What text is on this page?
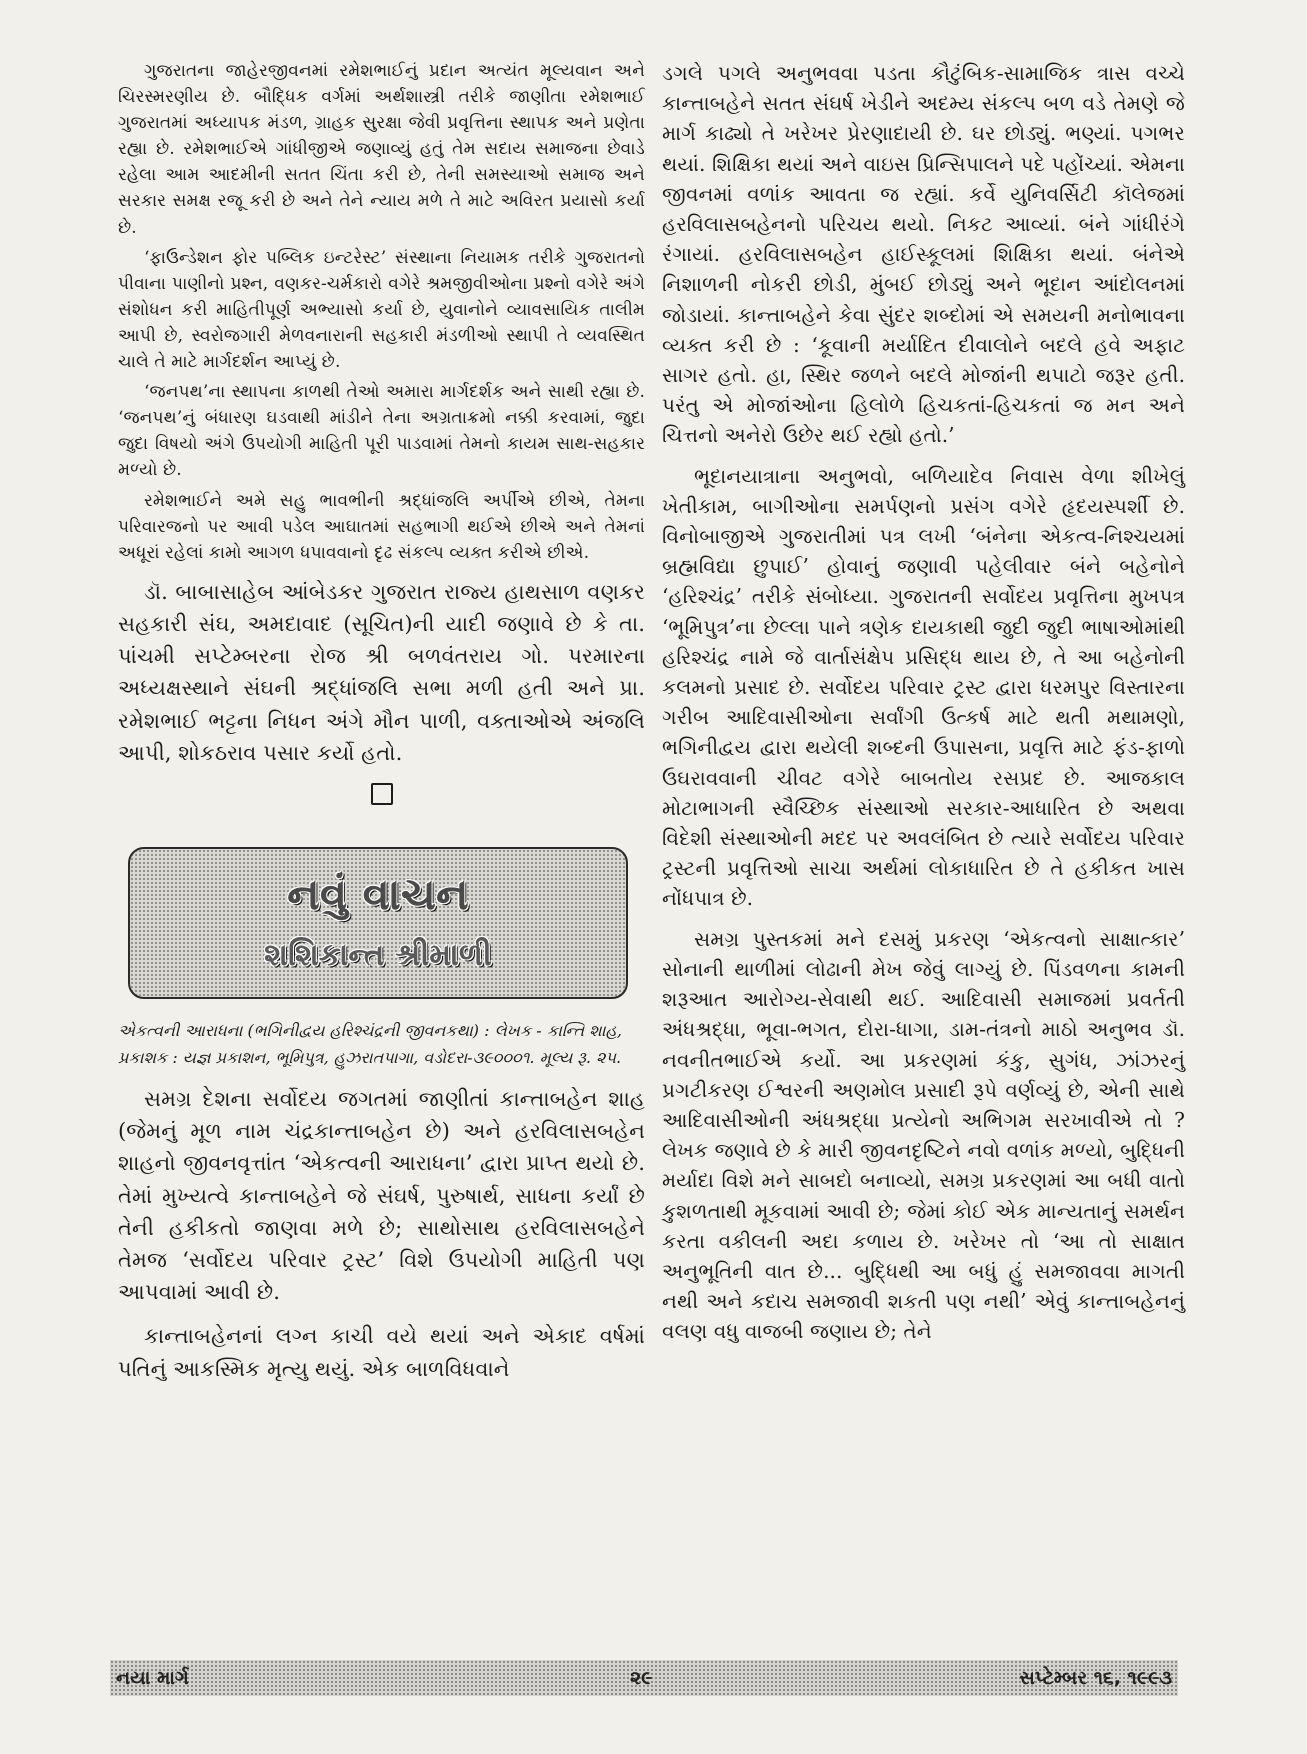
ગુજરાતના જાહેરજીવનમાં રમેશભાઈનું પ્રદાન અત્યંત મૂલ્યવાન અને ચિરસ્મરણીય છે. બૌદ્ધિક વર્ગમાં અર્થશાસ્ત્રી તરીકે જાણીતા રમેશભાઈ ગુજરાતમાં અધ્યાપક મંડળ, ગ્રાહક સુરક્ષા જેવી પ્રવૃત્તિના સ્થાપક અને પ્રણેતા રહ્યા છે. રમેશભાઈએ ગાંધીજીએ જણાવ્યું હતું તેમ સદાય સમાજના છેવાડે રહેલા આમ આદમીની સતત ચિંતા કરી છે, તેની સમસ્યાઓ સમાજ અને સરકાર સમક્ષ રજૂ કરી છે અને તેને ન્યાય મળે તે માટે અવિરત પ્રયાસો કર્યા છે.

‘ફાઉન્ડેશન ફોર પબ્લિક ઇન્ટરેસ્ટ’ સંસ્થાના નિયામક તરીકે ગુજરાતનો પીવાના પાણીનો પ્રશ્ન, વણકર-ચર્મકારો વગેરે શ્રમજીવીઓના પ્રશ્નો વગેરે અંગે સંશોધન કરી માહિતીપૂર્ણ અભ્યાસો કર્યા છે, યુવાનોને વ્યાવસાયિક તાલીમ આપી છે, સ્વરોજગારી મેળવનારાની સહકારી મંડળીઓ સ્થાપી તે વ્યવસ્થિત ચાલે તે માટે માર્ગદર્શન આપ્યું છે.

‘જનપથ’ના સ્થાપના કાળથી તેઓ અમારા માર્ગદર્શક અને સાથી રહ્યા છે. ‘જનપથ’નું બંધારણ ઘડવાથી માંડીને તેના અગ્રતાક્રમો નક્કી કરવામાં, જુદા જુદા વિષયો અંગે ઉપયોગી માહિતી પૂરી પાડવામાં તેમનો કાયમ સાથ-સહકાર મળ્યો છે.

રમેશભાઈને અમે સહુ ભાવભીની શ્રદ્ધાંજલિ અર્પીએ છીએ, તેમના પરિવારજનો પર આવી પડેલ આઘાતમાં સહભાગી થઈએ છીએ અને તેમનાં અધૂરાં રહેલાં કામો આગળ ધપાવવાનો દૃઢ સંકલ્પ વ્યક્ત કરીએ છીએ.

ડૉ. બાબાસાહેબ આંબેડકર ગુજરાત રાજ્ય હાથસાળ વણકર સહકારી સંઘ, અમદાવાદ (સૂચિત)ની યાદી જણાવે છે કે તા. પાંચમી સપ્ટેમ્બરના રોજ શ્રી બળવંતરાય ગો. પરમારના અધ્યક્ષસ્થાને સંઘની શ્રદ્ધાંજલિ સભા મળી હતી અને પ્રા. રમેશભાઈ ભટ્ટના નિધન અંગે મૌન પાળી, વક્તાઓએ અંજલિ આપી, શોકઠરાવ પસાર કર્યો હતો.

નવું વાચન
શશિકાન્ત શ્રીમાળી

એકત્વની આરાધના (ભગિનીદ્વય હરિશ્ચંદ્રની જીવનકથા) : લેખક - કાન્તિ શાહ, પ્રકાશક : યજ્ઞ પ્રકાશન, ભૂમિપુત્ર, હુઝરાતપાગા, વડોદરા-૩૯૦૦૦૧. મૂલ્ય રૂ. ૨૫.

સમગ્ર દેશના સર્વોદય જગતમાં જાણીતાં કાન્તાબહેન શાહ (જેમનું મૂળ નામ ચંદ્રકાન્તાબહેન છે) અને હરવિલાસબહેન શાહનો જીવનવૃત્તાંત ‘એકત્વની આરાધના’ દ્વારા પ્રાપ્ત થયો છે. તેમાં મુખ્યત્વે કાન્તાબહેને જે સંઘર્ષ, પુરુષાર્થ, સાધના કર્યાં છે તેની હકીકતો જાણવા મળે છે; સાથોસાથ હરવિલાસબહેને તેમજ ‘સર્વોદય પરિવાર ટ્રસ્ટ’ વિશે ઉપયોગી માહિતી પણ આપવામાં આવી છે.

કાન્તાબહેનનાં લગ્ન કાચી વયે થયાં અને એકાદ વર્ષમાં પતિનું આકસ્મિક મૃત્યુ થયું. એક બાળવિધવાને

ડગલે પગલે અનુભવવા પડતા કૌટુંબિક-સામાજિક ત્રાસ વચ્ચે કાન્તાબહેને સતત સંઘર્ષ ખેડીને અદમ્ય સંકલ્પ બળ વડે તેમણે જે માર્ગ કાઢ્યો તે ખરેખર પ્રેરણાદાયી છે. ઘર છોડ્યું. ભણ્યાં. પગભર થયાં. શિક્ષિકા થયાં અને વાઇસ પ્રિન્સિપાલને પદે પહોંચ્યાં. એમના જીવનમાં વળાંક આવતા જ રહ્યાં. કર્વે યુનિવર્સિટી કૉલેજમાં હરવિલાસબહેનનો પરિચય થયો. નિકટ આવ્યાં. બંને ગાંધીરંગે રંગાયાં. હરવિલાસબહેન હાઈસ્કૂલમાં શિક્ષિકા થયાં. બંનેએ નિશાળની નોકરી છોડી, મુંબઈ છોડ્યું અને ભૂદાન આંદોલનમાં જોડાયાં. કાન્તાબહેને કેવા સુંદર શબ્દોમાં એ સમયની મનોભાવના વ્યક્ત કરી છે : ‘કૂવાની મર્યાદિત દીવાલોને બદલે હવે અફાટ સાગર હતો. હા, સ્થિર જળને બદલે મોજાંની થપાટો જરૂર હતી. પરંતુ એ મોજાંઓના હિલોળે હિચકતાં-હિચકતાં જ મન અને ચિત્તનો અનેરો ઉછેર થઈ રહ્યો હતો.’

ભૂદાનયાત્રાના અનુભવો, બળિયાદેવ નિવાસ વેળા શીખેલું ખેતીકામ, બાગીઓના સમર્પણનો પ્રસંગ વગેરે હૃદયસ્પર્શી છે. વિનોબાજીએ ગુજરાતીમાં પત્ર લખી ‘બંનેના એકત્વ-નિશ્ચયમાં બ્રહ્મવિદ્યા છુપાઈ’ હોવાનું જણાવી પહેલીવાર બંને બહેનોને ‘હરિશ્ચંદ્ર’ તરીકે સંબોધ્યા. ગુજરાતની સર્વોદય પ્રવૃત્તિના મુખપત્ર ‘ભૂમિપુત્ર’ના છેલ્લા પાને ત્રણેક દાયકાથી જુદી જુદી ભાષાઓમાંથી હરિશ્ચંદ્ર નામે જે વાર્તાસંક્ષેપ પ્રસિદ્ધ થાય છે, તે આ બહેનોની કલમનો પ્રસાદ છે. સર્વોદય પરિવાર ટ્રસ્ટ દ્વારા ધરમપુર વિસ્તારના ગરીબ આદિવાસીઓના સર્વાંગી ઉત્કર્ષ માટે થતી મથામણો, ભગિનીદ્વય દ્વારા થયેલી શબ્દની ઉપાસના, પ્રવૃત્તિ માટે ફંડ-ફાળો ઉઘરાવવાની ચીવટ વગેરે બાબતોય રસપ્રદ છે. આજકાલ મોટાભાગની સ્વૈચ્છિક સંસ્થાઓ સરકાર-આધારિત છે અથવા વિદેશી સંસ્થાઓની મદદ પર અવલંબિત છે ત્યારે સર્વોદય પરિવાર ટ્રસ્ટની પ્રવૃત્તિઓ સાચા અર્થમાં લોકાધારિત છે તે હકીકત ખાસ નોંધપાત્ર છે.

સમગ્ર પુસ્તકમાં મને દસમું પ્રકરણ ‘એકત્વનો સાક્ષાત્કાર’ સોનાની થાળીમાં લોઢાની મેખ જેવું લાગ્યું છે. પિંડવળના કામની શરૂઆત આરોગ્ય-સેવાથી થઈ. આદિવાસી સમાજમાં પ્રવર્તતી અંધશ્રદ્ધા, ભૂવા-ભગત, દોરા-ધાગા, ડામ-તંત્રનો માઠો અનુભવ ડૉ. નવનીતભાઈએ કર્યો. આ પ્રકરણમાં કંકુ, સુગંધ, ઝાંઝરનું પ્રગટીકરણ ઈશ્વરની અણમોલ પ્રસાદી રૂપે વર્ણવ્યું છે, એની સાથે આદિવાસીઓની અંધશ્રદ્ધા પ્રત્યેનો અભિગમ સરખાવીએ તો ? લેખક જણાવે છે કે મારી જીવનદૃષ્ટિને નવો વળાંક મળ્યો, બુદ્ધિની મર્યાદા વિશે મને સાબદો બનાવ્યો, સમગ્ર પ્રકરણમાં આ બધી વાતો કુશળતાથી મૂકવામાં આવી છે; જેમાં કોઈ એક માન્યતાનું સમર્થન કરતા વકીલની અદા કળાય છે. ખરેખર તો ‘આ તો સાક્ષાત અનુભૂતિની વાત છે... બુદ્ધિથી આ બધું હું સમજાવવા માગતી નથી અને કદાચ સમજાવી શકતી પણ નથી’ એવું કાન્તાબહેનનું વલણ વધુ વાજબી જણાય છે; તેને

નયા માર્ગ	૨૯	સપ્ટેમ્બર ૧૬, ૧૯૯૩
